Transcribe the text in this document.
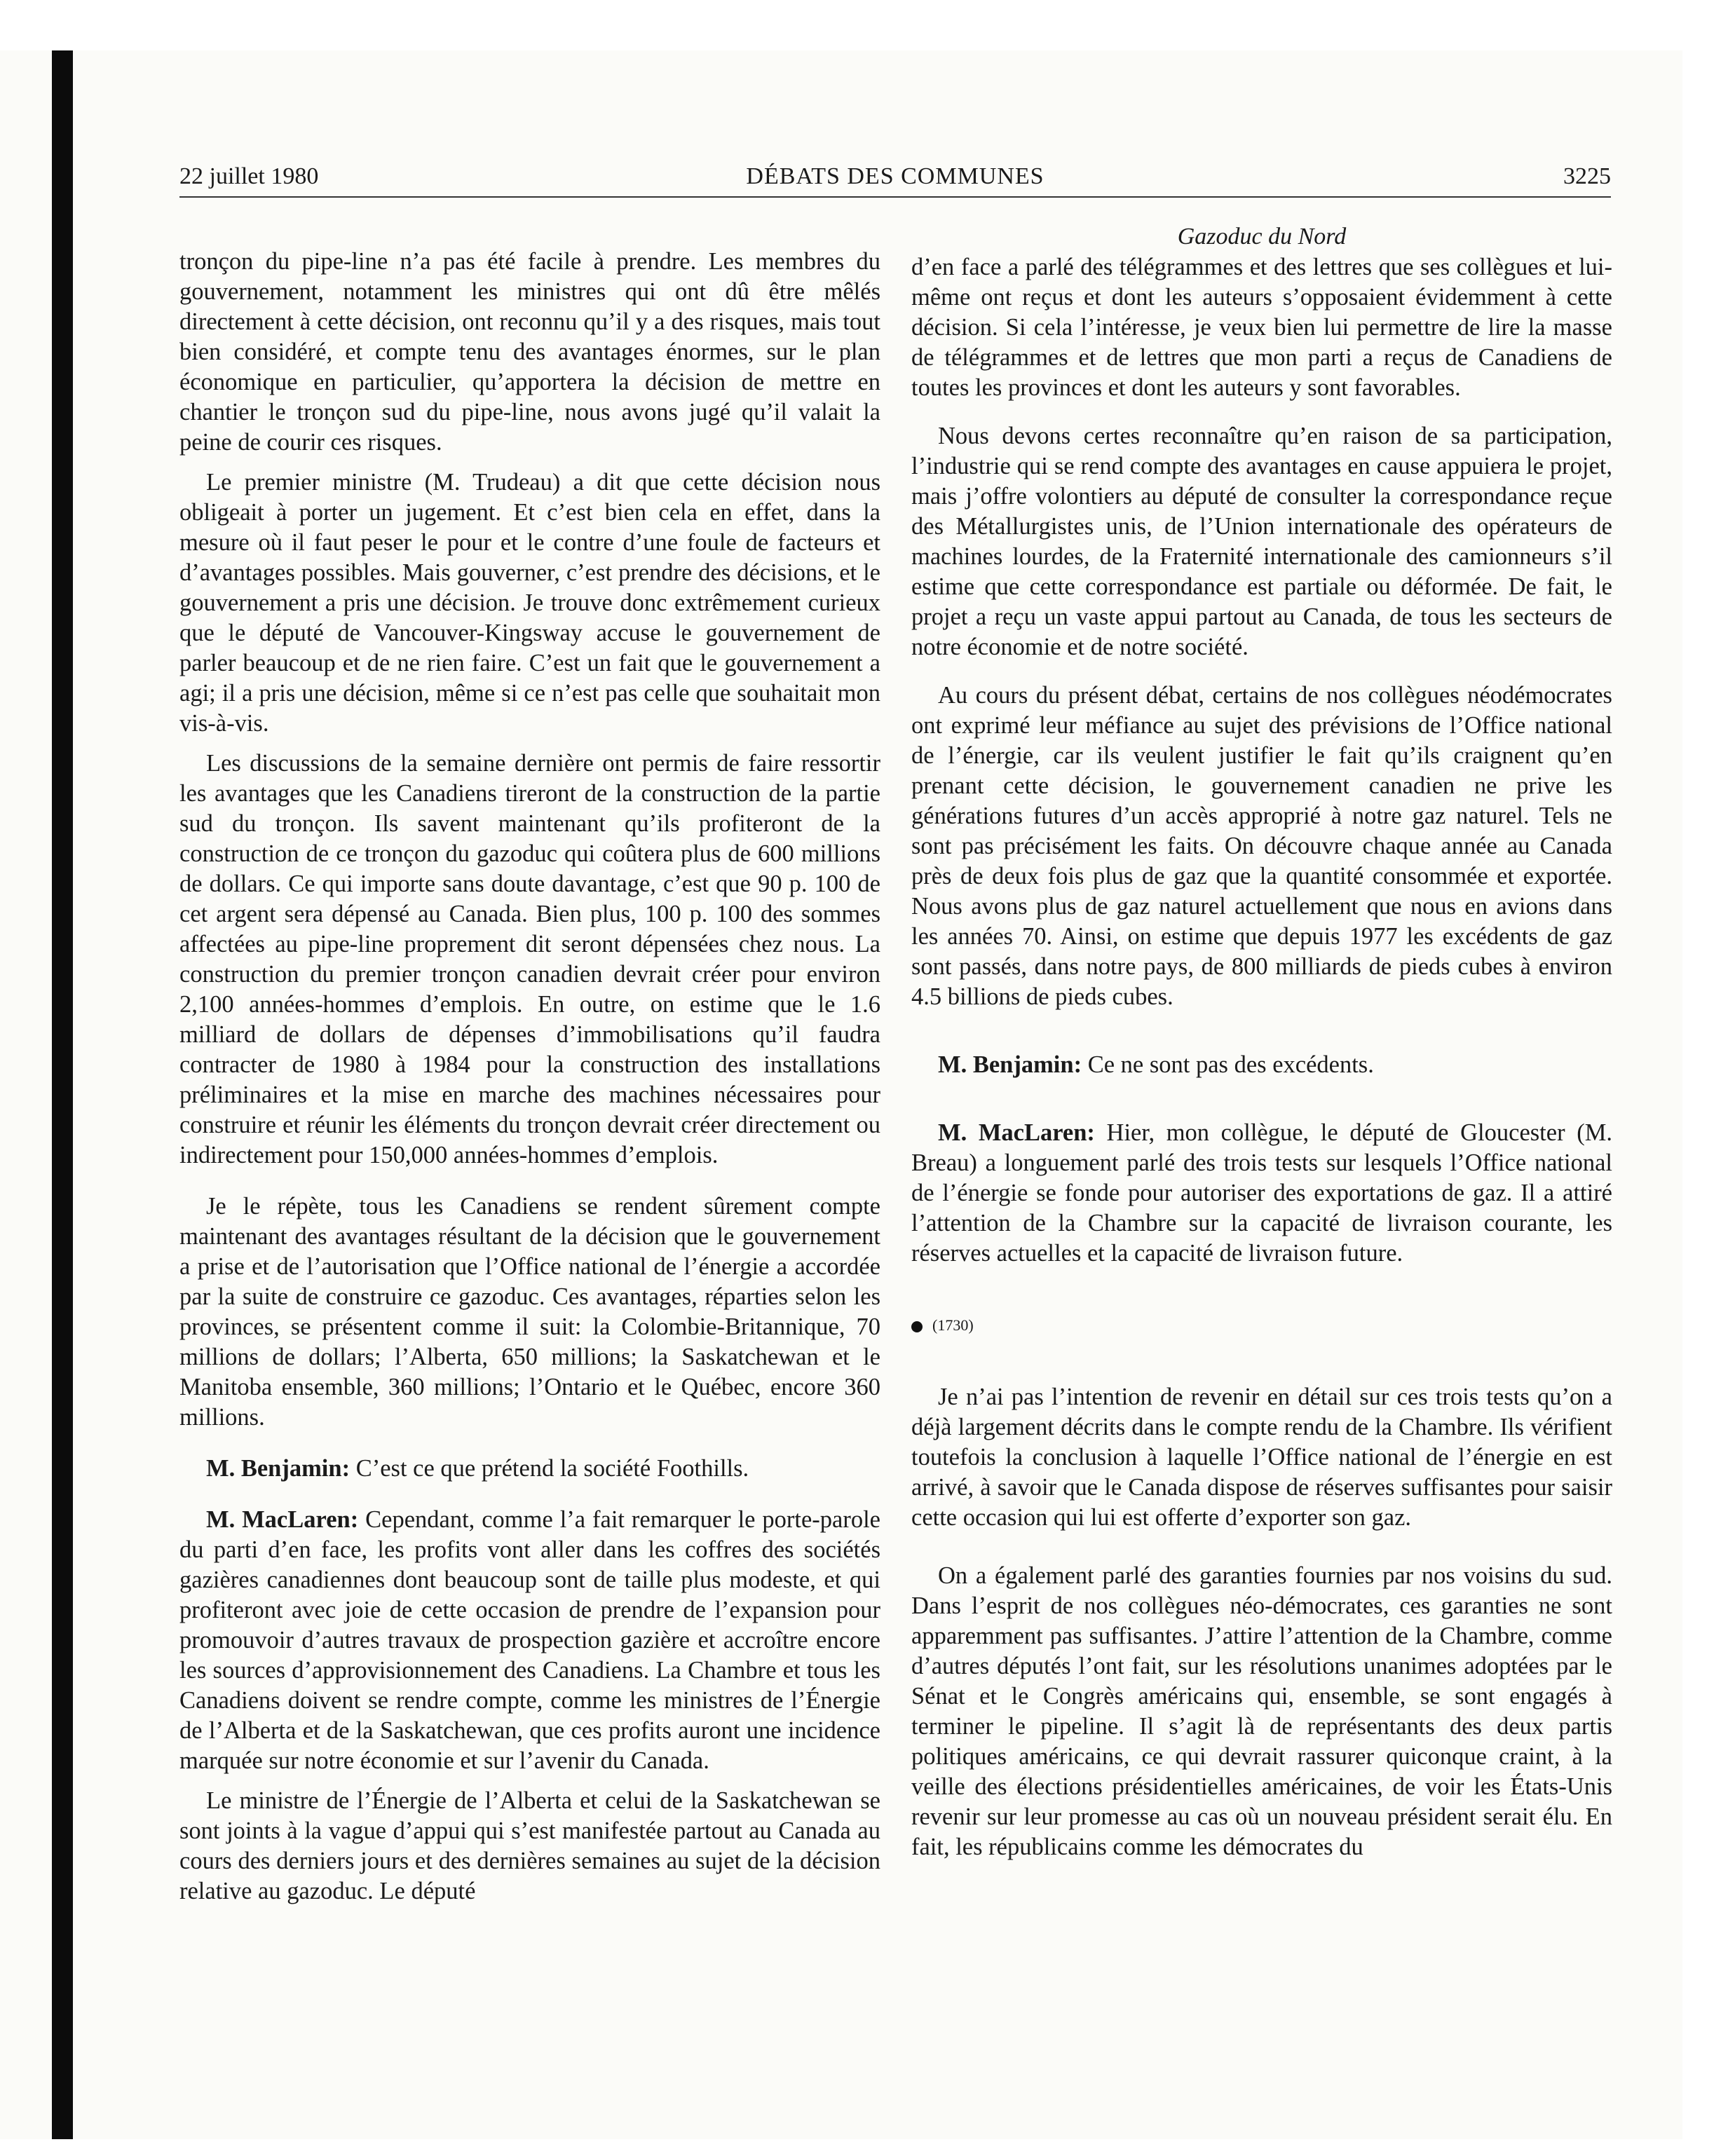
DÉBATS DES COMMUNES
22 juillet 1980	3225

tronçon du pipe-line n’a pas été facile à prendre. Les membres du gouvernement, notamment les ministres qui ont dû être mêlés directement à cette décision, ont reconnu qu’il y a des risques, mais tout bien considéré, et compte tenu des avantages énormes, sur le plan économique en particulier, qu’apportera la décision de mettre en chantier le tronçon sud du pipe-line, nous avons jugé qu’il valait la peine de courir ces risques.

Le premier ministre (M. Trudeau) a dit que cette décision nous obligeait à porter un jugement. Et c’est bien cela en effet, dans la mesure où il faut peser le pour et le contre d’une foule de facteurs et d’avantages possibles. Mais gouverner, c’est prendre des décisions, et le gouvernement a pris une décision. Je trouve donc extrêmement curieux que le député de Vancouver-Kingsway accuse le gouvernement de parler beaucoup et de ne rien faire. C’est un fait que le gouvernement a agi; il a pris une décision, même si ce n’est pas celle que souhaitait mon vis-à-vis.

Les discussions de la semaine dernière ont permis de faire ressortir les avantages que les Canadiens tireront de la construction de la partie sud du tronçon. Ils savent maintenant qu’ils profiteront de la construction de ce tronçon du gazoduc qui coûtera plus de 600 millions de dollars. Ce qui importe sans doute davantage, c’est que 90 p. 100 de cet argent sera dépensé au Canada. Bien plus, 100 p. 100 des sommes affectées au pipe-line proprement dit seront dépensées chez nous. La construction du premier tronçon canadien devrait créer pour environ 2,100 années-hommes d’emplois. En outre, on estime que le 1.6 milliard de dollars de dépenses d’immobilisations qu’il faudra contracter de 1980 à 1984 pour la construction des installations préliminaires et la mise en marche des machines nécessaires pour construire et réunir les éléments du tronçon devrait créer directement ou indirectement pour 150,000 années-hommes d’emplois.

Je le répète, tous les Canadiens se rendent sûrement compte maintenant des avantages résultant de la décision que le gouvernement a prise et de l’autorisation que l’Office national de l’énergie a accordée par la suite de construire ce gazoduc. Ces avantages, réparties selon les provinces, se présentent comme il suit: la Colombie-Britannique, 70 millions de dollars; l’Alberta, 650 millions; la Saskatchewan et le Manitoba ensemble, 360 millions; l’Ontario et le Québec, encore 360 millions.

M. Benjamin: C’est ce que prétend la société Foothills.

M. MacLaren: Cependant, comme l’a fait remarquer le porte-parole du parti d’en face, les profits vont aller dans les coffres des sociétés gazières canadiennes dont beaucoup sont de taille plus modeste, et qui profiteront avec joie de cette occasion de prendre de l’expansion pour promouvoir d’autres travaux de prospection gazière et accroître encore les sources d’approvisionnement des Canadiens. La Chambre et tous les Canadiens doivent se rendre compte, comme les ministres de l’Énergie de l’Alberta et de la Saskatchewan, que ces profits auront une incidence marquée sur notre économie et sur l’avenir du Canada.

Le ministre de l’Énergie de l’Alberta et celui de la Saskatchewan se sont joints à la vague d’appui qui s’est manifestée partout au Canada au cours des derniers jours et des dernières semaines au sujet de la décision relative au gazoduc. Le député

Gazoduc du Nord

d’en face a parlé des télégrammes et des lettres que ses collègues et lui-même ont reçus et dont les auteurs s’opposaient évidemment à cette décision. Si cela l’intéresse, je veux bien lui permettre de lire la masse de télégrammes et de lettres que mon parti a reçus de Canadiens de toutes les provinces et dont les auteurs y sont favorables.

Nous devons certes reconnaître qu’en raison de sa participation, l’industrie qui se rend compte des avantages en cause appuiera le projet, mais j’offre volontiers au député de consulter la correspondance reçue des Métallurgistes unis, de l’Union internationale des opérateurs de machines lourdes, de la Fraternité internationale des camionneurs s’il estime que cette correspondance est partiale ou déformée. De fait, le projet a reçu un vaste appui partout au Canada, de tous les secteurs de notre économie et de notre société.

Au cours du présent débat, certains de nos collègues néodémocrates ont exprimé leur méfiance au sujet des prévisions de l’Office national de l’énergie, car ils veulent justifier le fait qu’ils craignent qu’en prenant cette décision, le gouvernement canadien ne prive les générations futures d’un accès approprié à notre gaz naturel. Tels ne sont pas précisément les faits. On découvre chaque année au Canada près de deux fois plus de gaz que la quantité consommée et exportée. Nous avons plus de gaz naturel actuellement que nous en avions dans les années 70. Ainsi, on estime que depuis 1977 les excédents de gaz sont passés, dans notre pays, de 800 milliards de pieds cubes à environ 4.5 billions de pieds cubes.

M. Benjamin: Ce ne sont pas des excédents.

M. MacLaren: Hier, mon collègue, le député de Gloucester (M. Breau) a longuement parlé des trois tests sur lesquels l’Office national de l’énergie se fonde pour autoriser des exportations de gaz. Il a attiré l’attention de la Chambre sur la capacité de livraison courante, les réserves actuelles et la capacité de livraison future.

(1730)

Je n’ai pas l’intention de revenir en détail sur ces trois tests qu’on a déjà largement décrits dans le compte rendu de la Chambre. Ils vérifient toutefois la conclusion à laquelle l’Office national de l’énergie en est arrivé, à savoir que le Canada dispose de réserves suffisantes pour saisir cette occasion qui lui est offerte d’exporter son gaz.

On a également parlé des garanties fournies par nos voisins du sud. Dans l’esprit de nos collègues néo-démocrates, ces garanties ne sont apparemment pas suffisantes. J’attire l’attention de la Chambre, comme d’autres députés l’ont fait, sur les résolutions unanimes adoptées par le Sénat et le Congrès américains qui, ensemble, se sont engagés à terminer le pipeline. Il s’agit là de représentants des deux partis politiques américains, ce qui devrait rassurer quiconque craint, à la veille des élections présidentielles américaines, de voir les États-Unis revenir sur leur promesse au cas où un nouveau président serait élu. En fait, les républicains comme les démocrates du
